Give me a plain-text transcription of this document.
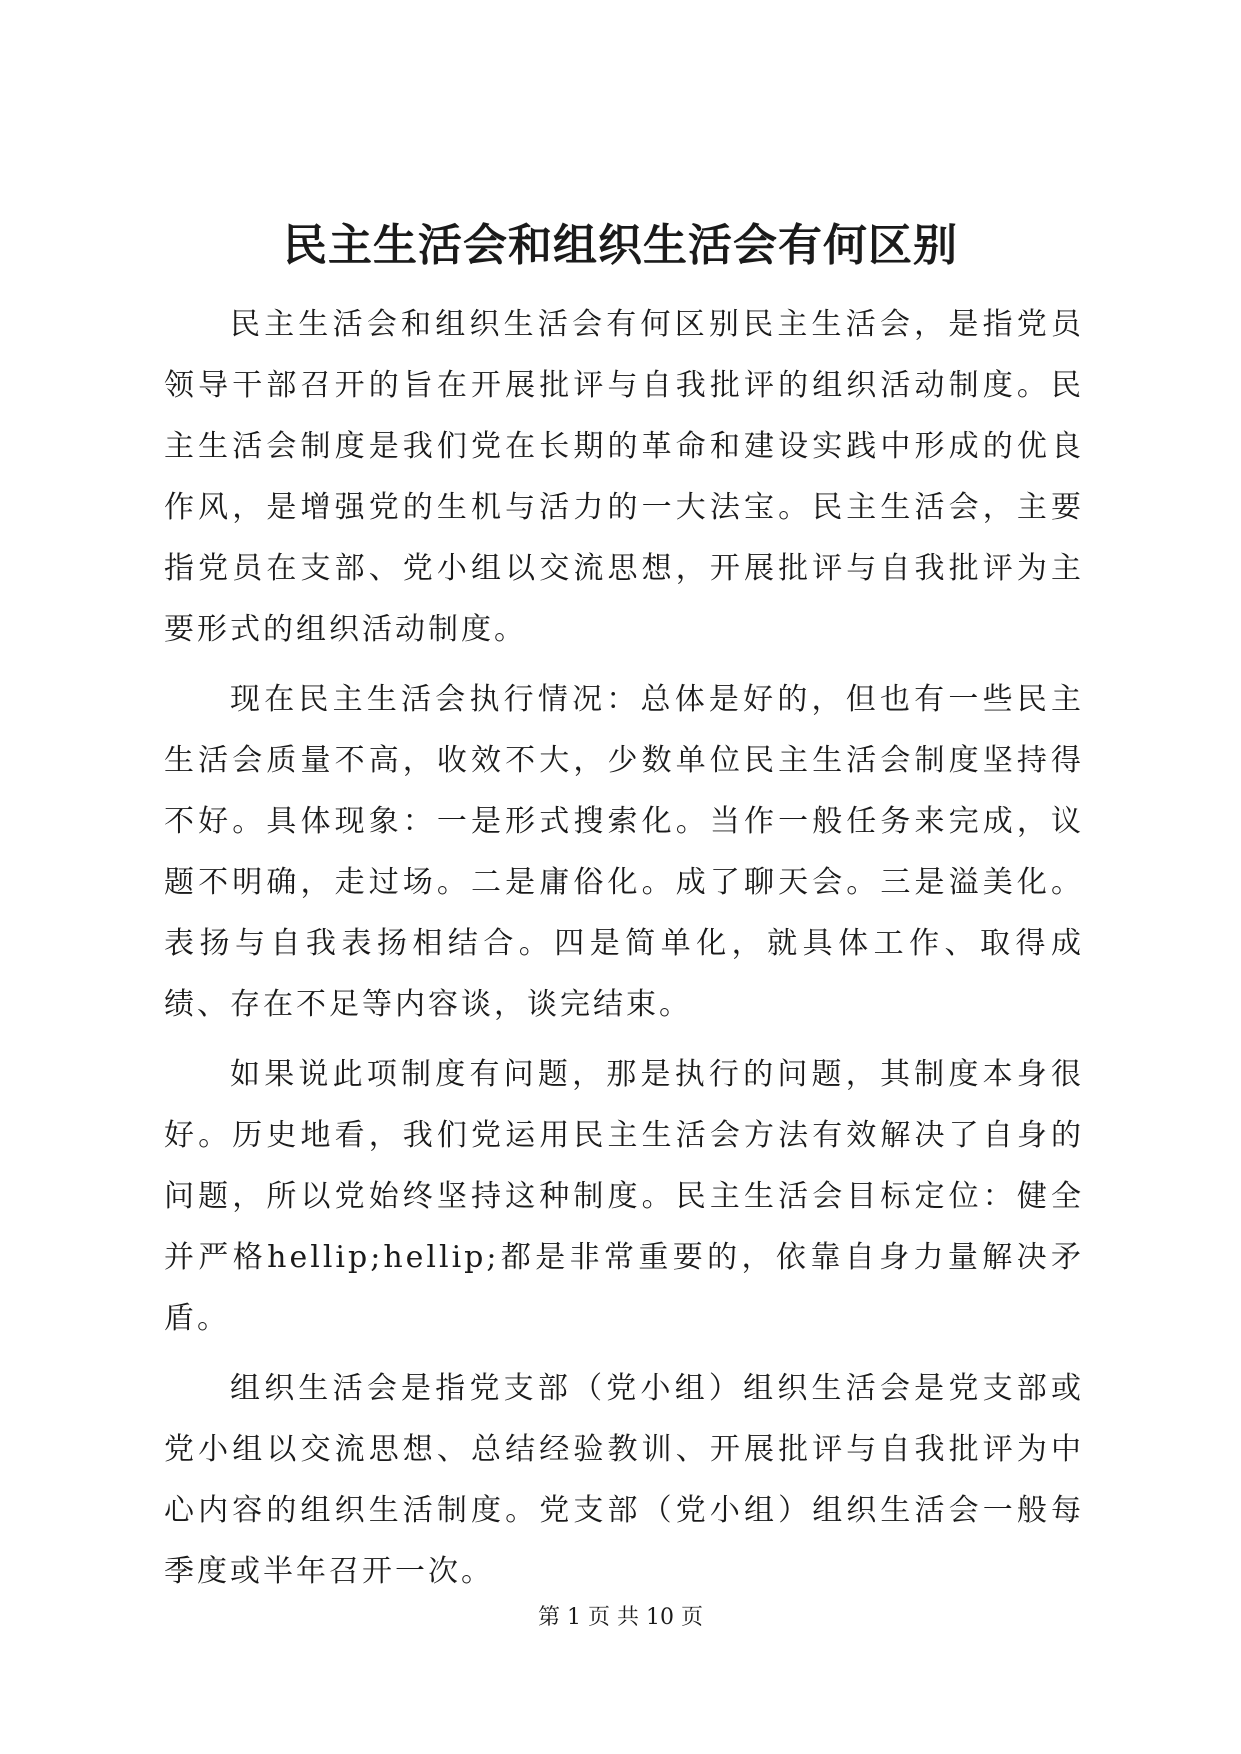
民主生活会和组织生活会有何区别

民主生活会和组织生活会有何区别民主生活会，是指党员领导干部召开的旨在开展批评与自我批评的组织活动制度。民主生活会制度是我们党在长期的革命和建设实践中形成的优良作风，是增强党的生机与活力的一大法宝。民主生活会，主要指党员在支部、党小组以交流思想，开展批评与自我批评为主要形式的组织活动制度。

现在民主生活会执行情况：总体是好的，但也有一些民主生活会质量不高，收效不大，少数单位民主生活会制度坚持得不好。具体现象：一是形式搜索化。当作一般任务来完成，议题不明确，走过场。二是庸俗化。成了聊天会。三是溢美化。表扬与自我表扬相结合。四是简单化，就具体工作、取得成绩、存在不足等内容谈，谈完结束。

如果说此项制度有问题，那是执行的问题，其制度本身很好。历史地看，我们党运用民主生活会方法有效解决了自身的问题，所以党始终坚持这种制度。民主生活会目标定位：健全并严格hellip;hellip;都是非常重要的，依靠自身力量解决矛盾。

组织生活会是指党支部（党小组）组织生活会是党支部或党小组以交流思想、总结经验教训、开展批评与自我批评为中心内容的组织生活制度。党支部（党小组）组织生活会一般每季度或半年召开一次。

第 1 页 共 10 页
